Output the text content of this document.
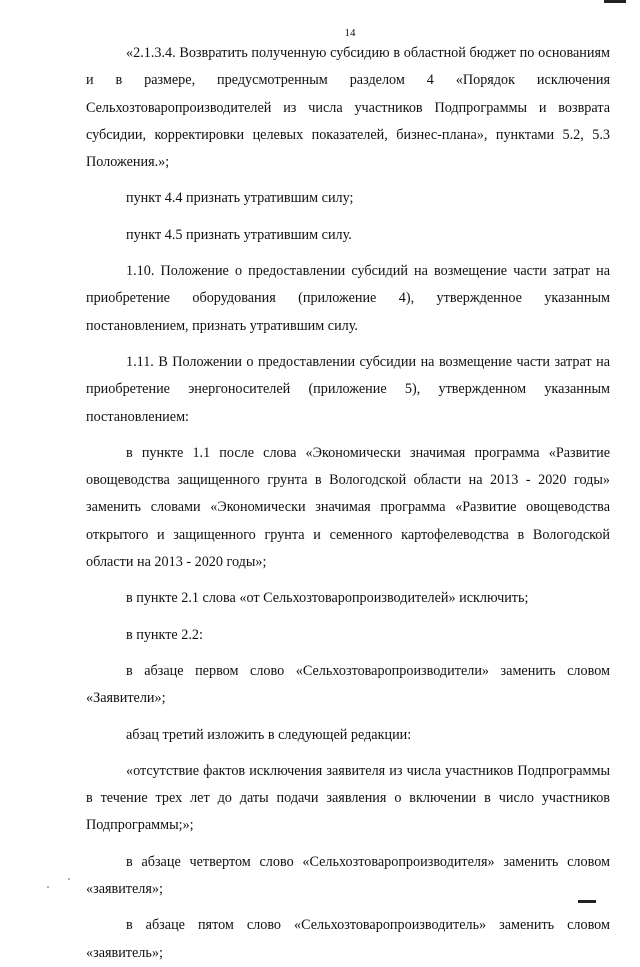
14

«2.1.3.4. Возвратить полученную субсидию в областной бюджет по основаниям и в размере, предусмотренным разделом 4 «Порядок исключения Сельхозтоваропроизводителей из числа участников Подпрограммы и возврата субсидии, корректировки целевых показателей, бизнес-плана», пунктами 5.2, 5.3 Положения.»;

пункт 4.4 признать утратившим силу;

пункт 4.5 признать утратившим силу.

1.10. Положение о предоставлении субсидий на возмещение части затрат на приобретение оборудования (приложение 4), утвержденное указанным постановлением, признать утратившим силу.

1.11. В Положении о предоставлении субсидии на возмещение части затрат на приобретение энергоносителей (приложение 5), утвержденном указанным постановлением:

в пункте 1.1 после слова «Экономически значимая программа «Развитие овощеводства защищенного грунта в Вологодской области на 2013 - 2020 годы» заменить словами «Экономически значимая программа «Развитие овощеводства открытого и защищенного грунта и семенного картофелеводства в Вологодской области на 2013 - 2020 годы»;

в пункте 2.1 слова «от Сельхозтоваропроизводителей» исключить;

в пункте 2.2:

в абзаце первом слово «Сельхозтоваропроизводители» заменить словом «Заявители»;

абзац третий изложить в следующей редакции:

«отсутствие фактов исключения заявителя из числа участников Подпрограммы в течение трех лет до даты подачи заявления о включении в число участников Подпрограммы;»;

в абзаце четвертом слово «Сельхозтоваропроизводителя» заменить словом «заявителя»;

в абзаце пятом слово «Сельхозтоваропроизводитель» заменить словом «заявитель»;
